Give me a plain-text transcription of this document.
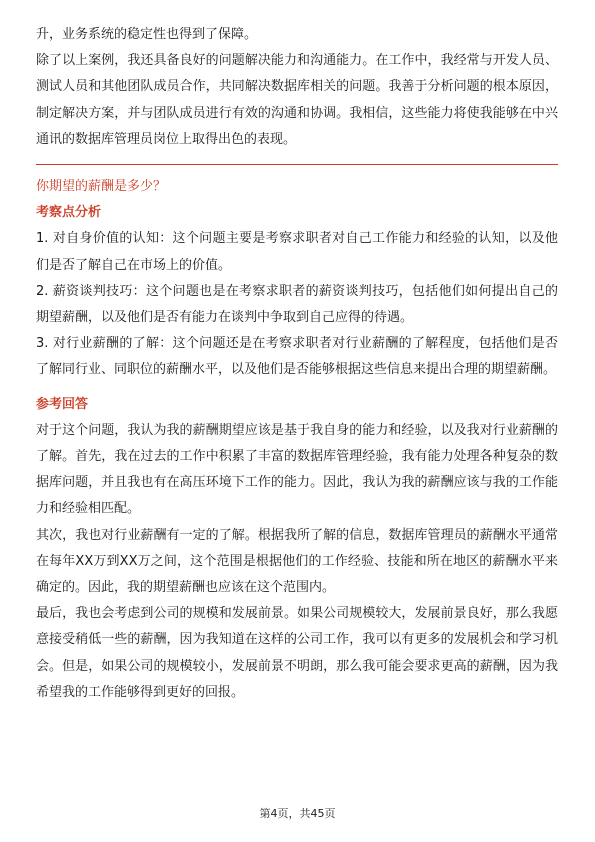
升，业务系统的稳定性也得到了保障。

除了以上案例，我还具备良好的问题解决能力和沟通能力。在工作中，我经常与开发人员、测试人员和其他团队成员合作，共同解决数据库相关的问题。我善于分析问题的根本原因，制定解决方案，并与团队成员进行有效的沟通和协调。我相信，这些能力将使我能够在中兴通讯的数据库管理员岗位上取得出色的表现。

你期望的薪酬是多少？

考察点分析

1. 对自身价值的认知：这个问题主要是考察求职者对自己工作能力和经验的认知，以及他们是否了解自己在市场上的价值。

2. 薪资谈判技巧：这个问题也是在考察求职者的薪资谈判技巧，包括他们如何提出自己的期望薪酬，以及他们是否有能力在谈判中争取到自己应得的待遇。

3. 对行业薪酬的了解：这个问题还是在考察求职者对行业薪酬的了解程度，包括他们是否了解同行业、同职位的薪酬水平，以及他们是否能够根据这些信息来提出合理的期望薪酬。

参考回答

对于这个问题，我认为我的薪酬期望应该是基于我自身的能力和经验，以及我对行业薪酬的了解。首先，我在过去的工作中积累了丰富的数据库管理经验，我有能力处理各种复杂的数据库问题，并且我也有在高压环境下工作的能力。因此，我认为我的薪酬应该与我的工作能力和经验相匹配。

其次，我也对行业薪酬有一定的了解。根据我所了解的信息，数据库管理员的薪酬水平通常在每年XX万到XX万之间，这个范围是根据他们的工作经验、技能和所在地区的薪酬水平来确定的。因此，我的期望薪酬也应该在这个范围内。

最后，我也会考虑到公司的规模和发展前景。如果公司规模较大，发展前景良好，那么我愿意接受稍低一些的薪酬，因为我知道在这样的公司工作，我可以有更多的发展机会和学习机会。但是，如果公司的规模较小，发展前景不明朗，那么我可能会要求更高的薪酬，因为我希望我的工作能够得到更好的回报。

第4页，共45页
